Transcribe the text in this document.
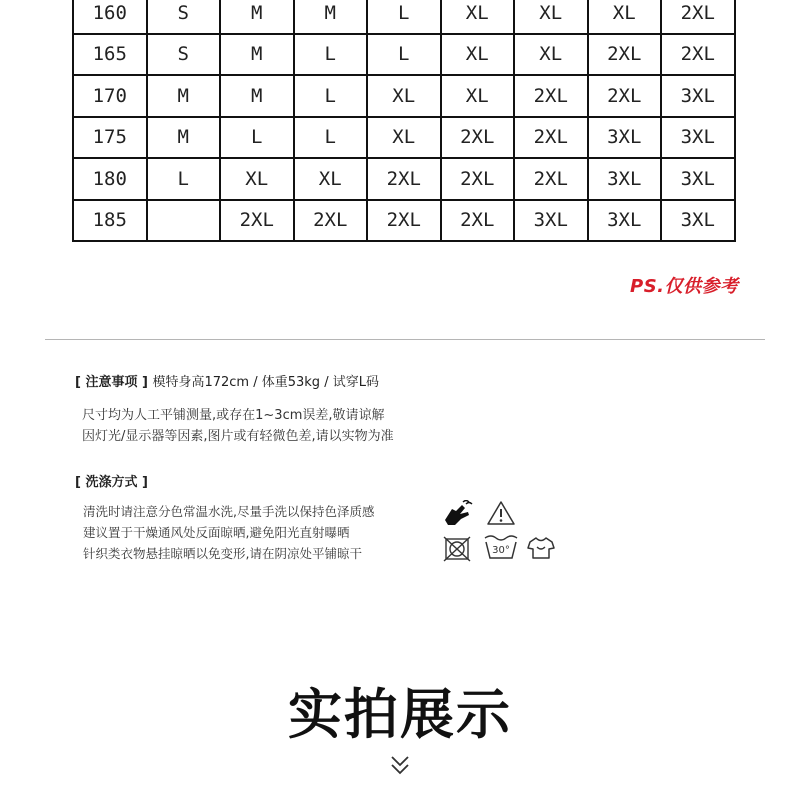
160	S	M	M	L	XL	XL	XL	2XL
165	S	M	L	L	XL	XL	2XL	2XL
170	M	M	L	XL	XL	2XL	2XL	3XL
175	M	L	L	XL	2XL	2XL	3XL	3XL
180	L	XL	XL	2XL	2XL	2XL	3XL	3XL
185		2XL	2XL	2XL	2XL	3XL	3XL	3XL
PS.仅供参考
[ 注意事项 ] 模特身高172cm / 体重53kg / 试穿L码
尺寸均为人工平铺测量,或存在1~3cm误差,敬请谅解
因灯光/显示器等因素,图片或有轻微色差,请以实物为准
[ 洗涤方式 ]
清洗时请注意分色常温水洗,尽量手洗以保持色泽质感
建议置于干燥通风处反面晾晒,避免阳光直射曝晒
针织类衣物悬挂晾晒以免变形,请在阴凉处平铺晾干	30°
实拍展示
